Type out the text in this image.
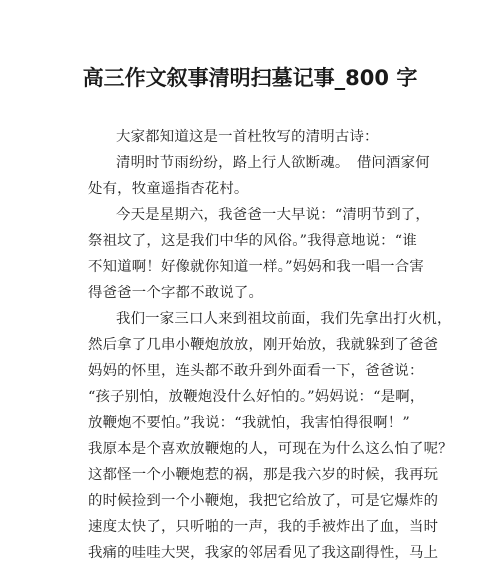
高三作文叙事清明扫墓记事_800 字
大家都知道这是一首杜牧写的清明古诗：
清明时节雨纷纷，路上行人欲断魂。　借问酒家何
处有，牧童遥指杏花村。
今天是星期六，我爸爸一大早说：“清明节到了，
祭祖坟了，这是我们中华的风俗。”我得意地说：“谁
不知道啊！好像就你知道一样。”妈妈和我一唱一合害
得爸爸一个字都不敢说了。
我们一家三口人来到祖坟前面，我们先拿出打火机，
然后拿了几串小鞭炮放放，刚开始放，我就躲到了爸爸
妈妈的怀里，连头都不敢升到外面看一下，爸爸说：
“孩子别怕，放鞭炮没什么好怕的。”妈妈说：“是啊，
放鞭炮不要怕。”我说：“我就怕，我害怕得很啊！”
我原本是个喜欢放鞭炮的人，可现在为什么这么怕了呢？
这都怪一个小鞭炮惹的祸，那是我六岁的时候，我再玩
的时候捡到一个小鞭炮，我把它给放了，可是它爆炸的
速度太快了，只听啪的一声，我的手被炸出了血，当时
我痛的哇哇大哭，我家的邻居看见了我这副得性，马上
